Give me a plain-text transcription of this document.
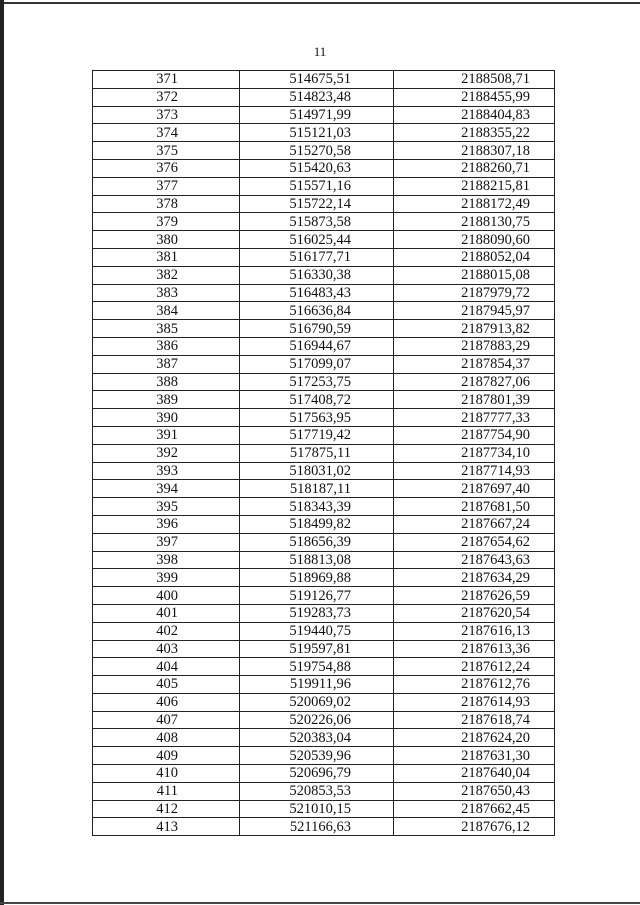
11
371	514675,51	2188508,71
372	514823,48	2188455,99
373	514971,99	2188404,83
374	515121,03	2188355,22
375	515270,58	2188307,18
376	515420,63	2188260,71
377	515571,16	2188215,81
378	515722,14	2188172,49
379	515873,58	2188130,75
380	516025,44	2188090,60
381	516177,71	2188052,04
382	516330,38	2188015,08
383	516483,43	2187979,72
384	516636,84	2187945,97
385	516790,59	2187913,82
386	516944,67	2187883,29
387	517099,07	2187854,37
388	517253,75	2187827,06
389	517408,72	2187801,39
390	517563,95	2187777,33
391	517719,42	2187754,90
392	517875,11	2187734,10
393	518031,02	2187714,93
394	518187,11	2187697,40
395	518343,39	2187681,50
396	518499,82	2187667,24
397	518656,39	2187654,62
398	518813,08	2187643,63
399	518969,88	2187634,29
400	519126,77	2187626,59
401	519283,73	2187620,54
402	519440,75	2187616,13
403	519597,81	2187613,36
404	519754,88	2187612,24
405	519911,96	2187612,76
406	520069,02	2187614,93
407	520226,06	2187618,74
408	520383,04	2187624,20
409	520539,96	2187631,30
410	520696,79	2187640,04
411	520853,53	2187650,43
412	521010,15	2187662,45
413	521166,63	2187676,12
